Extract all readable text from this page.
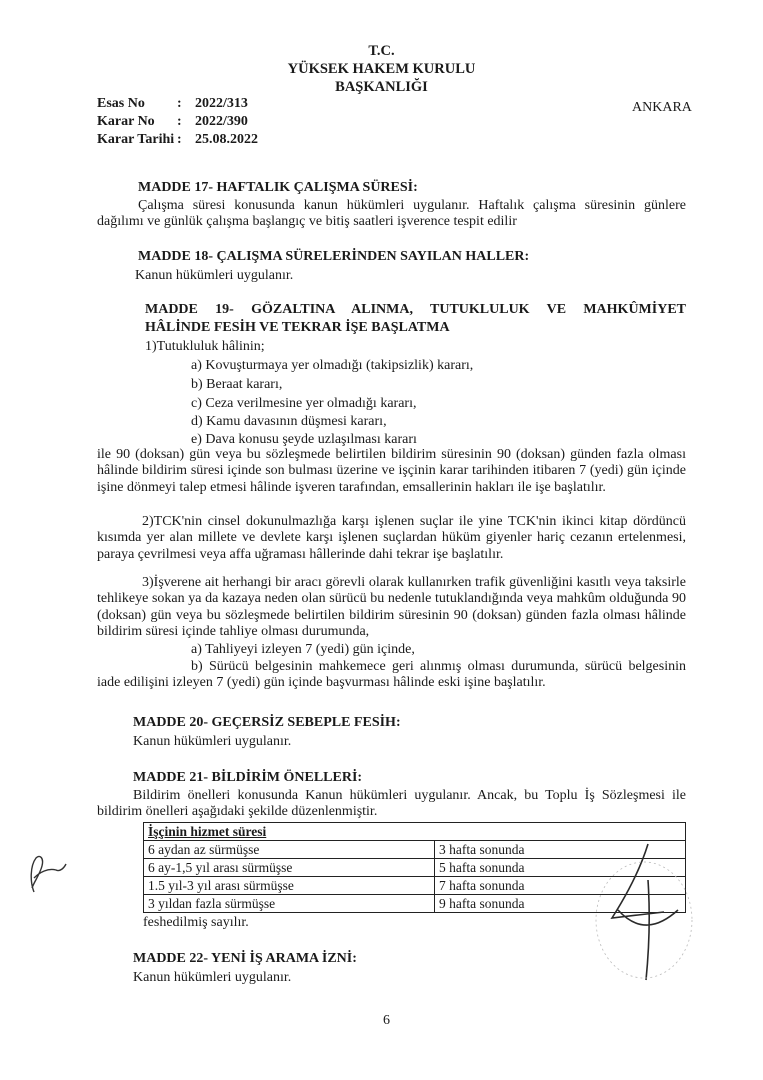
T.C.
YÜKSEK HAKEM KURULU
BAŞKANLIĞI
Esas No : 2022/313
Karar No : 2022/390
Karar Tarihi : 25.08.2022
ANKARA
MADDE 17- HAFTALIK ÇALIŞMA SÜRESİ:
Çalışma süresi konusunda kanun hükümleri uygulanır. Haftalık çalışma süresinin günlere dağılımı ve günlük çalışma başlangıç ve bitiş saatleri işverence tespit edilir
MADDE 18- ÇALIŞMA SÜRELERİNDEN SAYILAN HALLER:
Kanun hükümleri uygulanır.
MADDE 19- GÖZALTINA ALINMA, TUTUKLULUK VE MAHKÛMİYET
HÂLİNDE FESİH VE TEKRAR İŞE BAŞLATMA
1)Tutukluluk hâlinin;
a) Kovuşturmaya yer olmadığı (takipsizlik) kararı,
b) Beraat kararı,
c) Ceza verilmesine yer olmadığı kararı,
d) Kamu davasının düşmesi kararı,
e) Dava konusu şeyde uzlaşılması kararı
ile 90 (doksan) gün veya bu sözleşmede belirtilen bildirim süresinin 90 (doksan) günden fazla olması hâlinde bildirim süresi içinde son bulması üzerine ve işçinin karar tarihinden itibaren 7 (yedi) gün içinde işine dönmeyi talep etmesi hâlinde işveren tarafından, emsallerinin hakları ile işe başlatılır.
2)TCK'nin cinsel dokunulmazlığa karşı işlenen suçlar ile yine TCK'nin ikinci kitap dördüncü kısımda yer alan millete ve devlete karşı işlenen suçlardan hüküm giyenler hariç cezanın ertelenmesi, paraya çevrilmesi veya affa uğraması hâllerinde dahi tekrar işe başlatılır.
3)İşverene ait herhangi bir aracı görevli olarak kullanırken trafik güvenliğini kasıtlı veya taksirle tehlikeye sokan ya da kazaya neden olan sürücü bu nedenle tutuklandığında veya mahkûm olduğunda 90 (doksan) gün veya bu sözleşmede belirtilen bildirim süresinin 90 (doksan) günden fazla olması hâlinde bildirim süresi içinde tahliye olması durumunda,
a) Tahliyeyi izleyen 7 (yedi) gün içinde,
b) Sürücü belgesinin mahkemece geri alınmış olması durumunda, sürücü belgesinin iade edilişini izleyen 7 (yedi) gün içinde başvurması hâlinde eski işine başlatılır.
MADDE 20- GEÇERSİZ SEBEPLE FESİH:
Kanun hükümleri uygulanır.
MADDE 21- BİLDİRİM ÖNELLERİ:
Bildirim önelleri konusunda Kanun hükümleri uygulanır. Ancak, bu Toplu İş Sözleşmesi ile bildirim önelleri aşağıdaki şekilde düzenlenmiştir.
İşçinin hizmet süresi	
6 aydan az sürmüşse	3 hafta sonunda
6 ay-1,5 yıl arası sürmüşse	5 hafta sonunda
1.5 yıl-3 yıl arası sürmüşse	7 hafta sonunda
3 yıldan fazla sürmüşse	9 hafta sonunda
feshedilmiş sayılır.
MADDE 22- YENİ İŞ ARAMA İZNİ:
Kanun hükümleri uygulanır.
6
